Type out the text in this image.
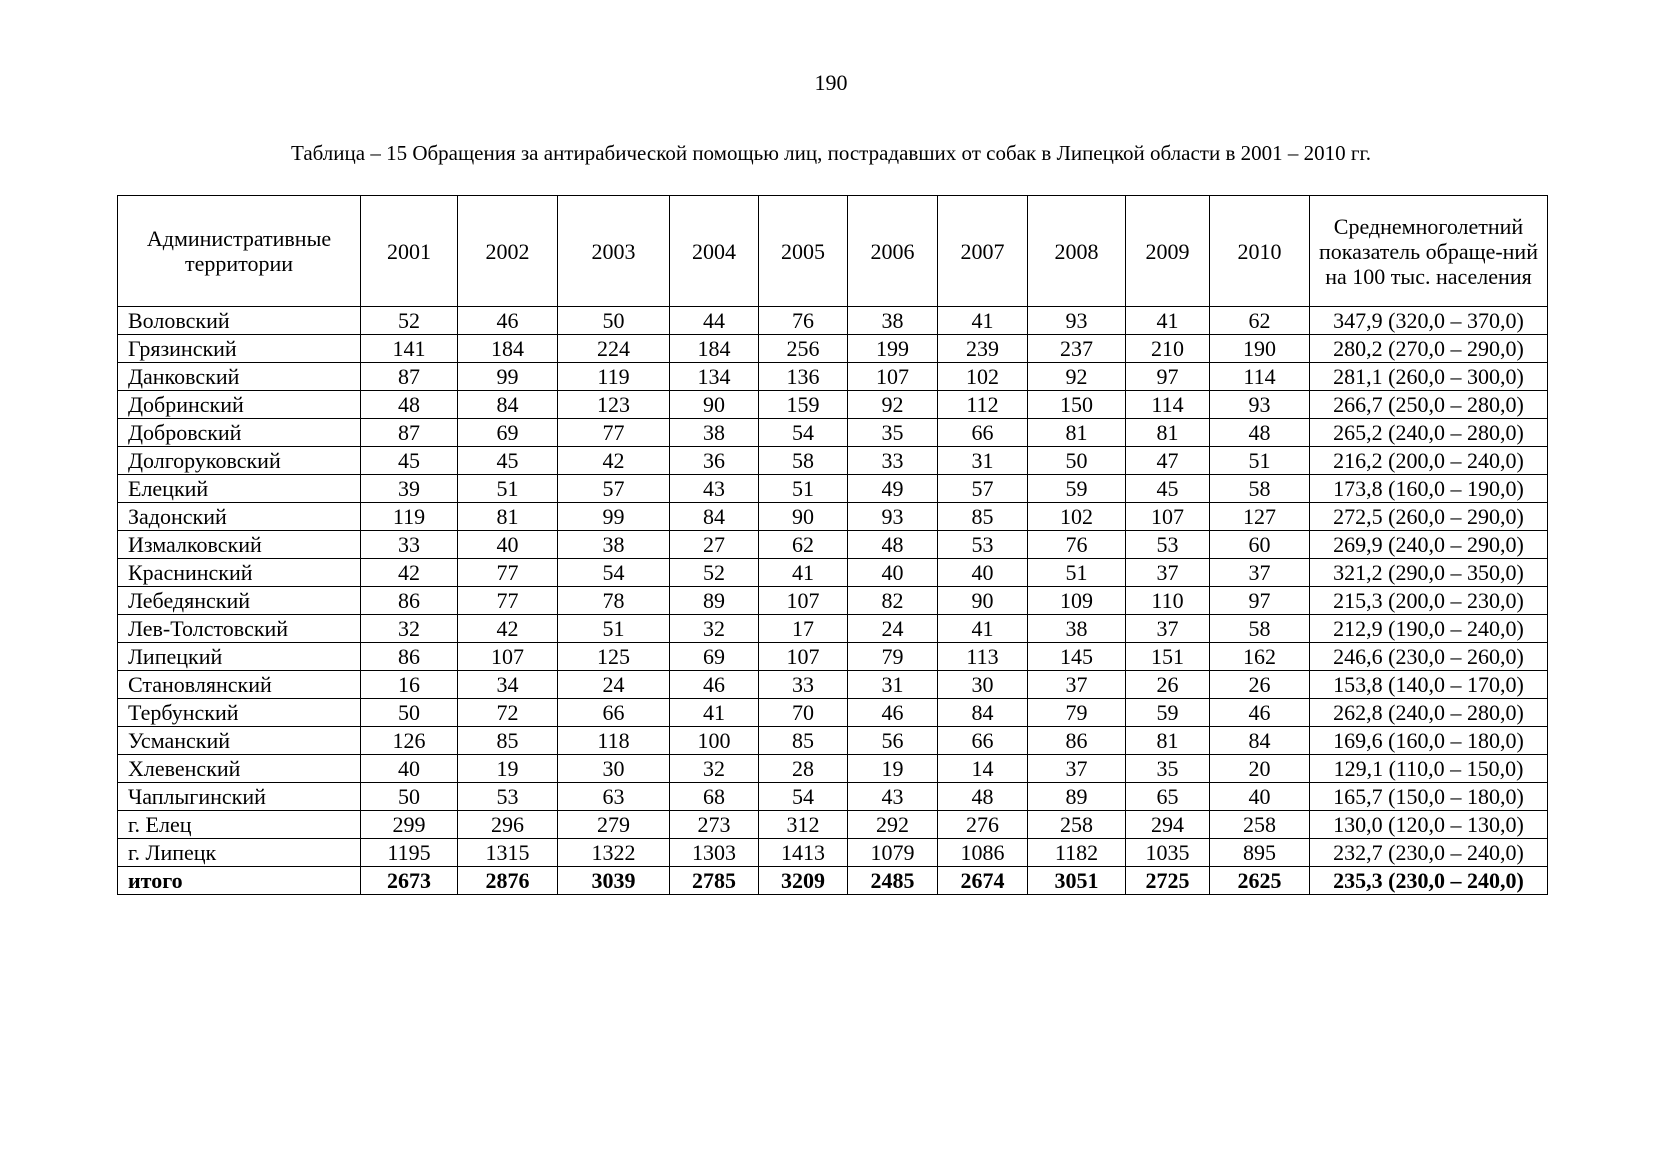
190
Таблица – 15 Обращения за антирабической помощью лиц, пострадавших от собак в Липецкой области в 2001 – 2010 гг.
Административные территории	2001	2002	2003	2004	2005	2006	2007	2008	2009	2010	Среднемноголетний показатель обраще-ний на 100 тыс. населения
Воловский	52	46	50	44	76	38	41	93	41	62	347,9 (320,0 – 370,0)
Грязинский	141	184	224	184	256	199	239	237	210	190	280,2 (270,0 – 290,0)
Данковский	87	99	119	134	136	107	102	92	97	114	281,1 (260,0 – 300,0)
Добринский	48	84	123	90	159	92	112	150	114	93	266,7 (250,0 – 280,0)
Добровский	87	69	77	38	54	35	66	81	81	48	265,2 (240,0 – 280,0)
Долгоруковский	45	45	42	36	58	33	31	50	47	51	216,2 (200,0 – 240,0)
Елецкий	39	51	57	43	51	49	57	59	45	58	173,8 (160,0 – 190,0)
Задонский	119	81	99	84	90	93	85	102	107	127	272,5 (260,0 – 290,0)
Измалковский	33	40	38	27	62	48	53	76	53	60	269,9 (240,0 – 290,0)
Краснинский	42	77	54	52	41	40	40	51	37	37	321,2 (290,0 – 350,0)
Лебедянский	86	77	78	89	107	82	90	109	110	97	215,3 (200,0 – 230,0)
Лев-Толстовский	32	42	51	32	17	24	41	38	37	58	212,9 (190,0 – 240,0)
Липецкий	86	107	125	69	107	79	113	145	151	162	246,6 (230,0 – 260,0)
Становлянский	16	34	24	46	33	31	30	37	26	26	153,8 (140,0 – 170,0)
Тербунский	50	72	66	41	70	46	84	79	59	46	262,8 (240,0 – 280,0)
Усманский	126	85	118	100	85	56	66	86	81	84	169,6 (160,0 – 180,0)
Хлевенский	40	19	30	32	28	19	14	37	35	20	129,1 (110,0 – 150,0)
Чаплыгинский	50	53	63	68	54	43	48	89	65	40	165,7 (150,0 – 180,0)
г. Елец	299	296	279	273	312	292	276	258	294	258	130,0 (120,0 – 130,0)
г. Липецк	1195	1315	1322	1303	1413	1079	1086	1182	1035	895	232,7 (230,0 – 240,0)
итого	2673	2876	3039	2785	3209	2485	2674	3051	2725	2625	235,3 (230,0 – 240,0)
